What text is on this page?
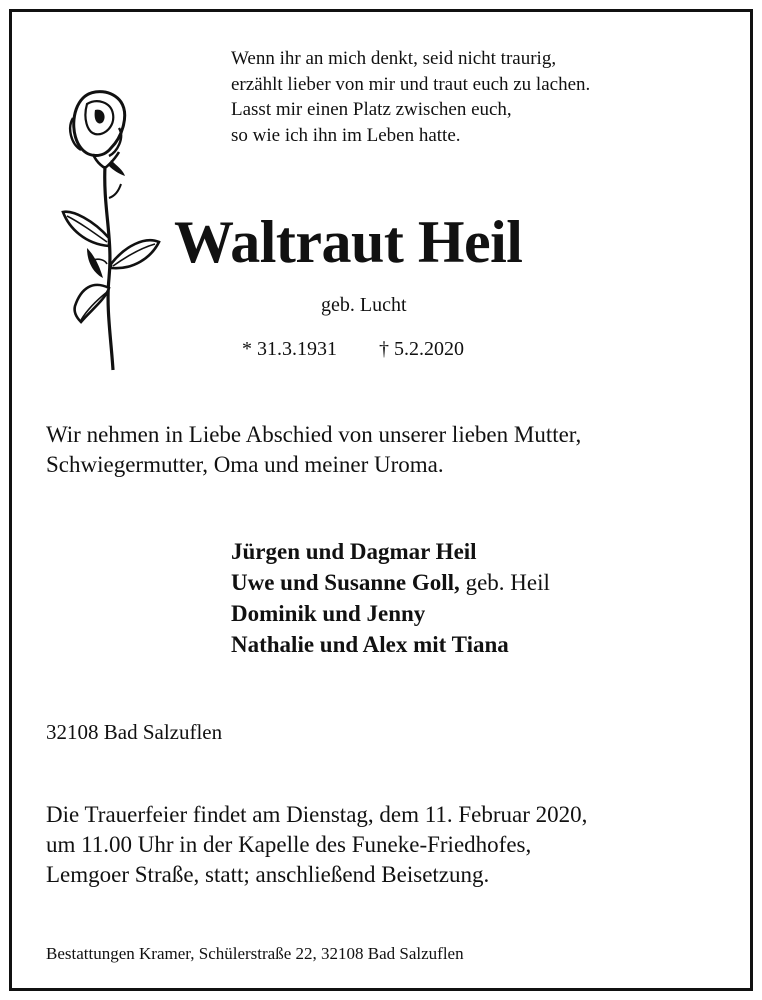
Wenn ihr an mich denkt, seid nicht traurig,
erzählt lieber von mir und traut euch zu lachen.
Lasst mir einen Platz zwischen euch,
so wie ich ihn im Leben hatte.
Waltraut Heil
geb. Lucht
* 31.3.1931 † 5.2.2020
Wir nehmen in Liebe Abschied von unserer lieben Mutter,
Schwiegermutter, Oma und meiner Uroma.
Jürgen und Dagmar Heil
Uwe und Susanne Goll, geb. Heil
Dominik und Jenny
Nathalie und Alex mit Tiana
32108 Bad Salzuflen
Die Trauerfeier findet am Dienstag, dem 11. Februar 2020,
um 11.00 Uhr in der Kapelle des Funeke-Friedhofes,
Lemgoer Straße, statt; anschließend Beisetzung.
Bestattungen Kramer, Schülerstraße 22, 32108 Bad Salzuflen
